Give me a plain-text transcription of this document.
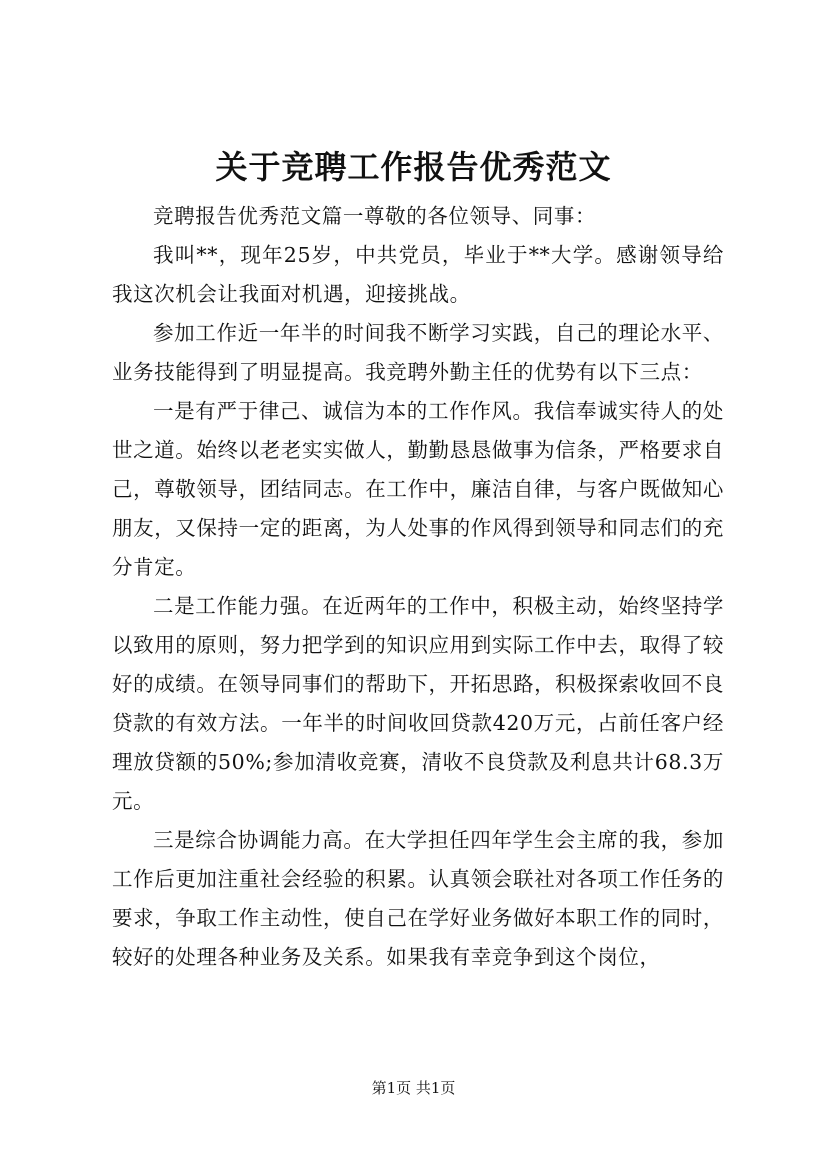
关于竞聘工作报告优秀范文

竞聘报告优秀范文篇一尊敬的各位领导、同事：

我叫**，现年25岁，中共党员，毕业于**大学。感谢领导给我这次机会让我面对机遇，迎接挑战。

参加工作近一年半的时间我不断学习实践，自己的理论水平、业务技能得到了明显提高。我竞聘外勤主任的优势有以下三点：

一是有严于律己、诚信为本的工作作风。我信奉诚实待人的处世之道。始终以老老实实做人，勤勤恳恳做事为信条，严格要求自己，尊敬领导，团结同志。在工作中，廉洁自律，与客户既做知心朋友，又保持一定的距离，为人处事的作风得到领导和同志们的充分肯定。

二是工作能力强。在近两年的工作中，积极主动，始终坚持学以致用的原则，努力把学到的知识应用到实际工作中去，取得了较好的成绩。在领导同事们的帮助下，开拓思路，积极探索收回不良贷款的有效方法。一年半的时间收回贷款420万元，占前任客户经理放贷额的50%;参加清收竞赛，清收不良贷款及利息共计68.3万元。

三是综合协调能力高。在大学担任四年学生会主席的我，参加工作后更加注重社会经验的积累。认真领会联社对各项工作任务的要求，争取工作主动性，使自己在学好业务做好本职工作的同时，较好的处理各种业务及关系。如果我有幸竞争到这个岗位，

第1页 共1页
